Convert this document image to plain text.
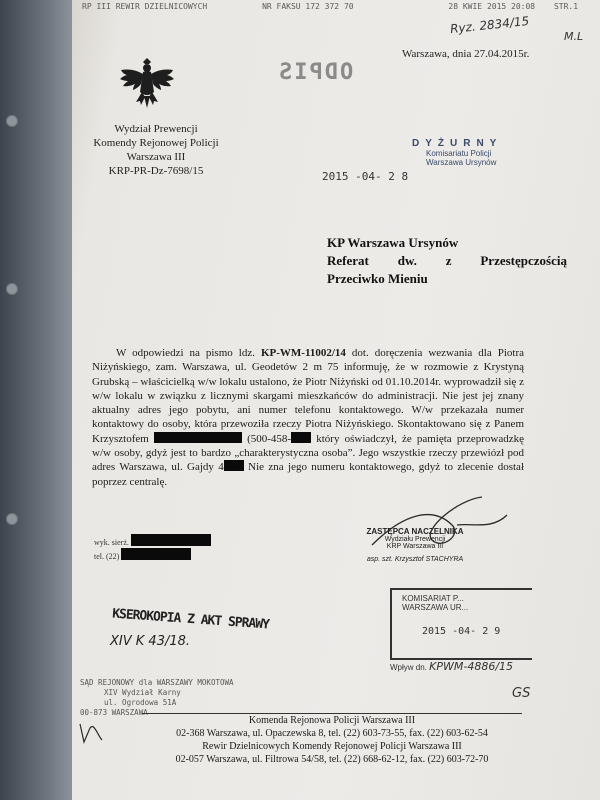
RP III REWIR DZIELNICOWYCH	NR FAKSU 172 372 70	28 KWIE 2015 20:08 STR.1
Wydział Prewencji
Komendy Rejonowej Policji
Warszawa III
KRP-PR-Dz-7698/15
Warszawa, dnia 27.04.2015r.
ODPIS
Ryz. 2834/15
M.L
DYŻURNY
Komisariatu Policji
Warszawa Ursynów
2015 -04- 2 8
KP Warszawa Ursynów
Referat dw. z Przestępczością
Przeciwko Mieniu
W odpowiedzi na pismo ldz. KP-WM-11002/14 dot. doręczenia wezwania dla Piotra Niżyńskiego, zam. Warszawa, ul. Geodetów 2 m 75 informuję, że w rozmowie z Krystyną Grubską – właścicielką w/w lokalu ustalono, że Piotr Niżyński od 01.10.2014r. wyprowadził się z w/w lokalu w związku z licznymi skargami mieszkańców do administracji. Nie jest jej znany aktualny adres jego pobytu, ani numer telefonu kontaktowego. W/w przekazała numer kontaktowy do osoby, która przewoziła rzeczy Piotra Niżyńskiego. Skontaktowano się z Panem Krzysztofem	(500-458- który oświadczył, że pamięta przeprowadzkę w/w osoby, gdyż jest to bardzo „charakterystyczna osoba”. Jego wszystkie rzeczy przewiózł pod adres Warszawa, ul. Gajdy 4 Nie zna jego numeru kontaktowego, gdyż to zlecenie dostał poprzez centralę.
wyk. sierż.
tel. (22)
ZASTĘPCA NACZELNIKA
Wydziału Prewencji
KRP Warszawa III
asp. szt. Krzysztof STACHYRA
KOMISARIAT P...
WARSZAWA UR...
2015 -04- 2 9
Wpływ dn. KPWM-4886/15
GS
KSEROKOPIA Z AKT SPRAWY
XIV K 43/18.
SĄD REJONOWY dla WARSZAWY MOKOTOWA
XIV Wydział Karny
ul. Ogrodowa 51A
00-873 WARSZAWA
Komenda Rejonowa Policji Warszawa III
02-368 Warszawa, ul. Opaczewska 8, tel. (22) 603-73-55, fax. (22) 603-62-54
Rewir Dzielnicowych Komendy Rejonowej Policji Warszawa III
02-057 Warszawa, ul. Filtrowa 54/58, tel. (22) 668-62-12, fax. (22) 603-72-70
